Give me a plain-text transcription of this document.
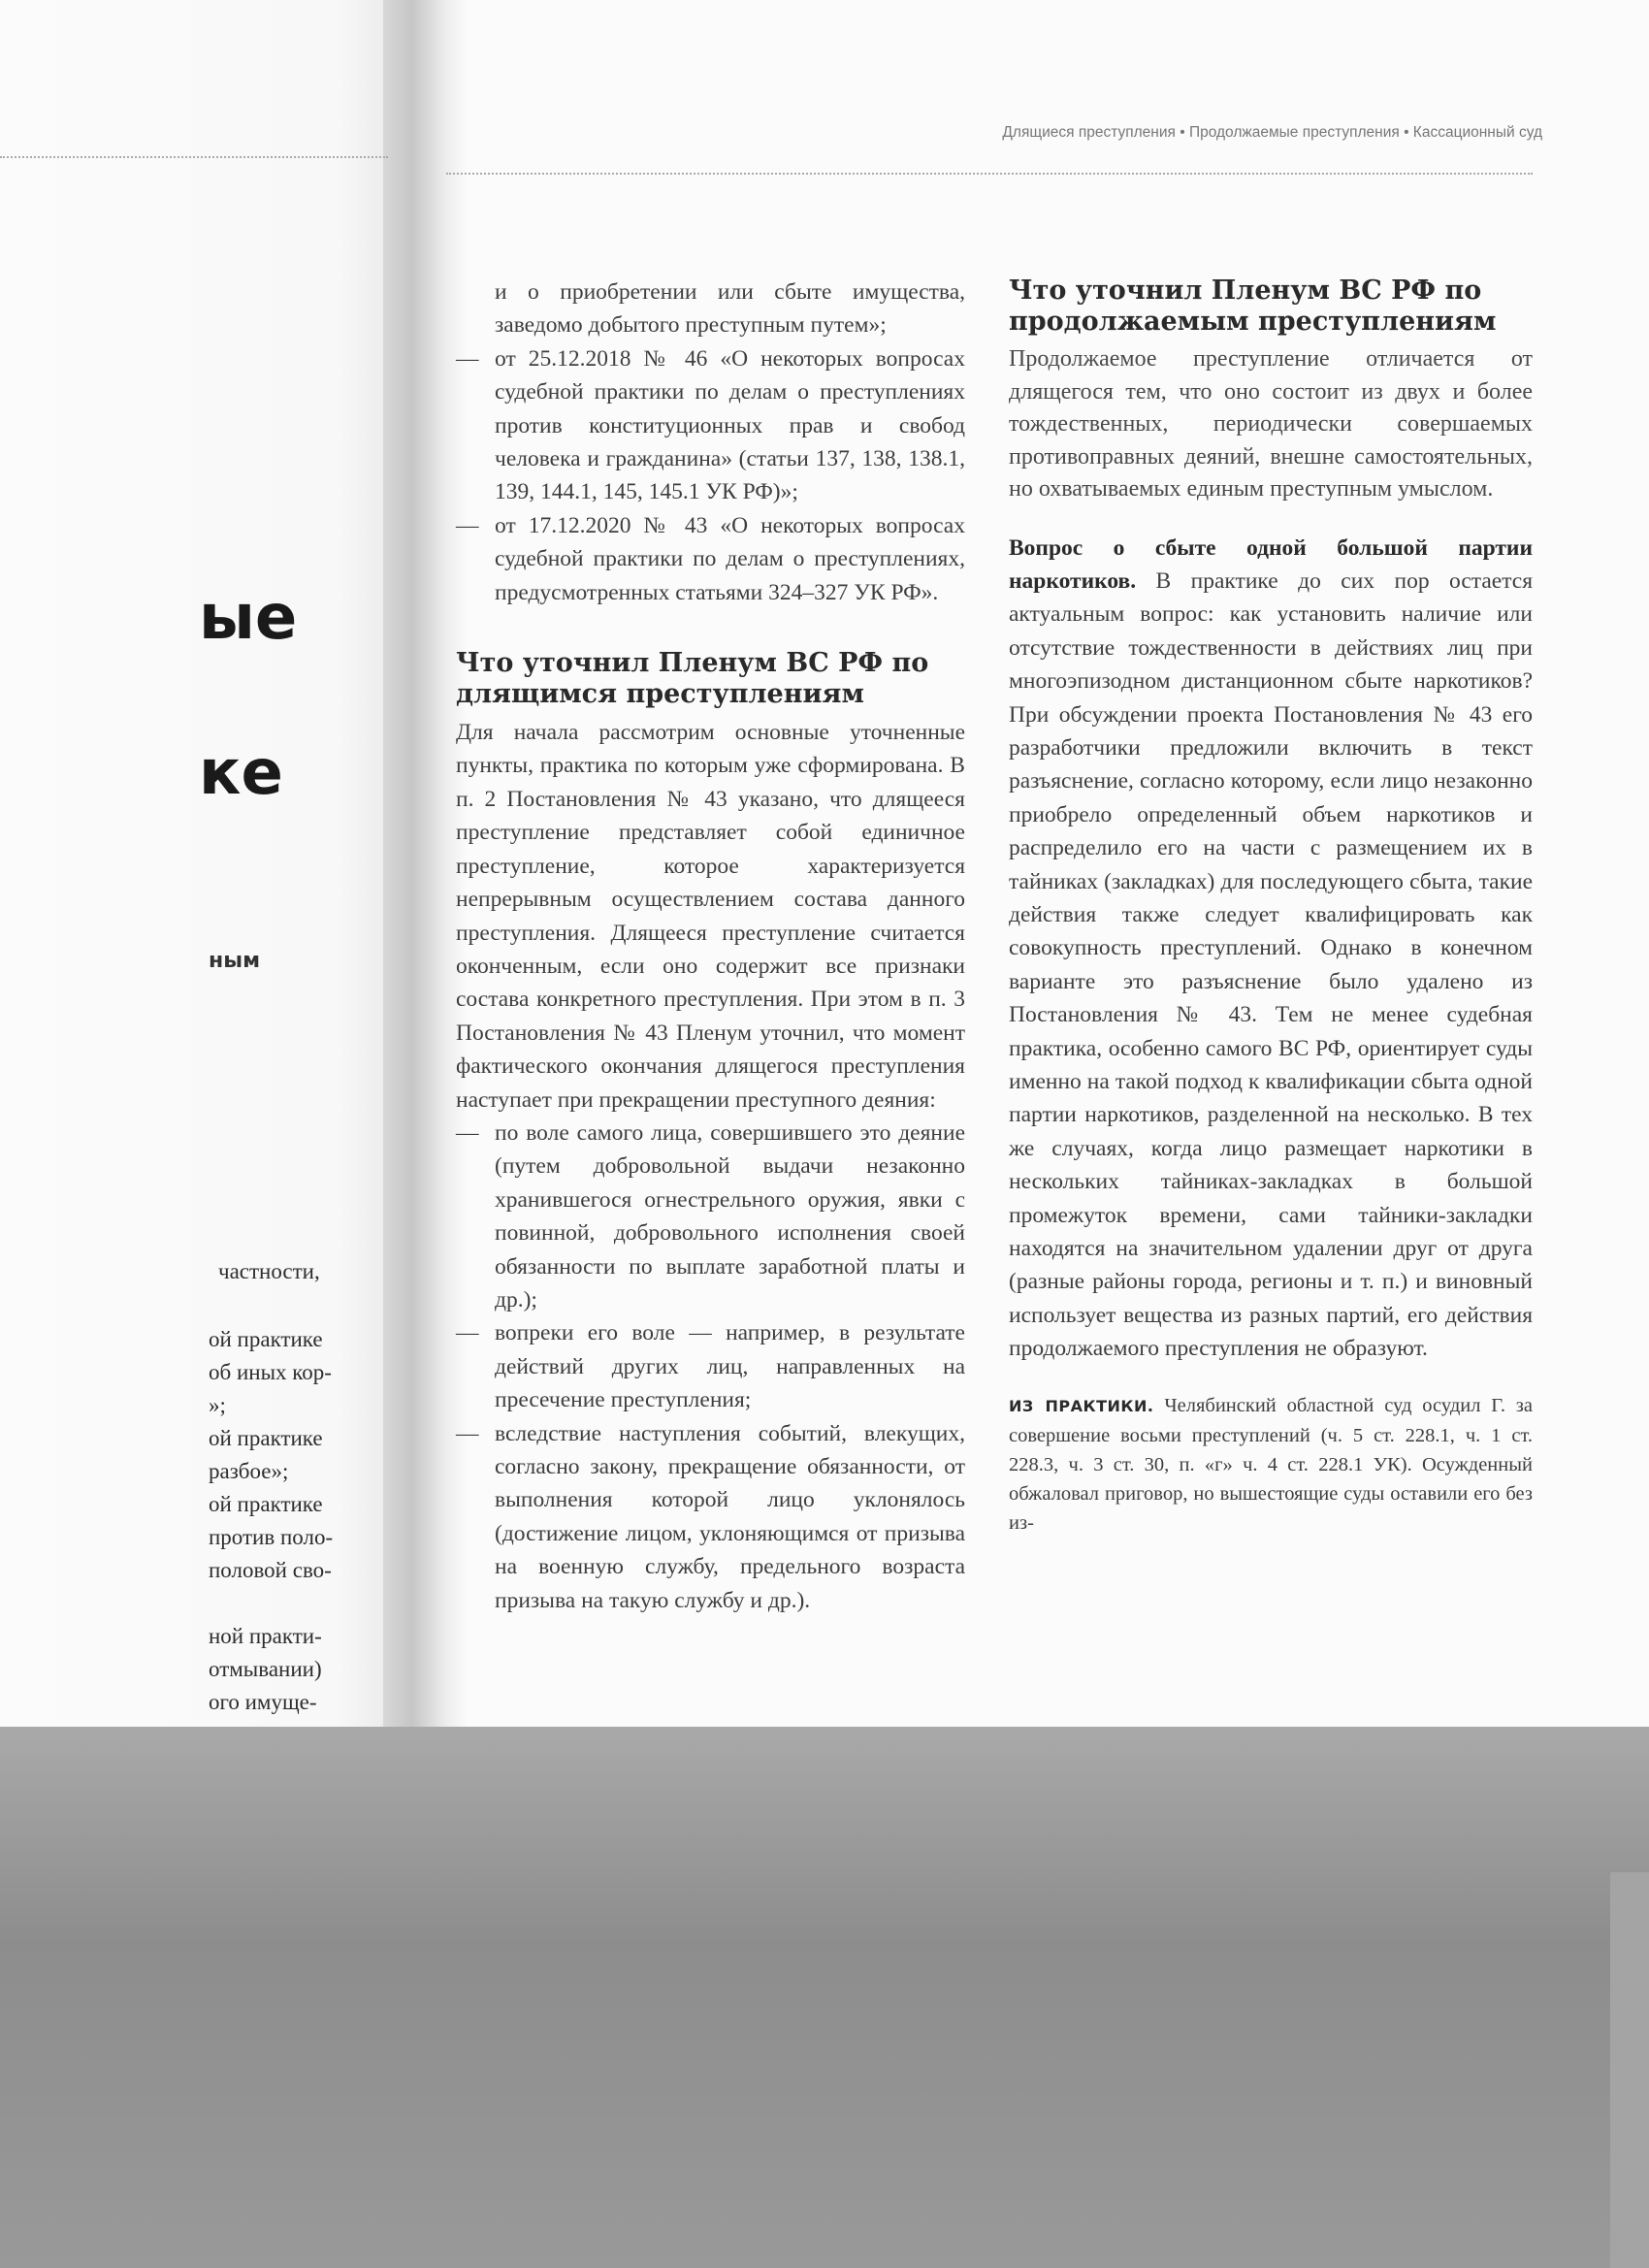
ые
ке
ным
частности,
ой практике
об иных кор-
»;
ой практике
разбое»;
ой практике
против поло-
половой сво-
ной практи-
отмывании)
ого имуще-
Длящиеся преступления • Продолжаемые преступления • Кассационный суд

и о приобретении или сбыте имущества, заведомо добытого преступным путем»;

— от 25.12.2018 № 46 «О некоторых вопросах судебной практики по делам о преступлениях против конституционных прав и свобод человека и гражданина» (статьи 137, 138, 138.1, 139, 144.1, 145, 145.1 УК РФ)»;
— от 17.12.2020 № 43 «О некоторых вопросах судебной практики по делам о преступлениях, предусмотренных статьями 324–327 УК РФ».
Что уточнил Пленум ВС РФ по длящимся преступлениям

Для начала рассмотрим основные уточненные пункты, практика по которым уже сформирована. В п. 2 Постановления № 43 указано, что длящееся преступление представляет собой единичное преступление, которое характеризуется непрерывным осуществлением состава данного преступления. Длящееся преступление считается оконченным, если оно содержит все признаки состава конкретного преступления. При этом в п. 3 Постановления № 43 Пленум уточнил, что момент фактического окончания длящегося преступления наступает при прекращении преступного деяния:

— по воле самого лица, совершившего это деяние (путем добровольной выдачи незаконно хранившегося огнестрельного оружия, явки с повинной, добровольного исполнения своей обязанности по выплате заработной платы и др.);
— вопреки его воле — например, в результате действий других лиц, направленных на пресечение преступления;
— вследствие наступления событий, влекущих, согласно закону, прекращение обязанности, от выполнения которой лицо уклонялось (достижение лицом, уклоняющимся от призыва на военную службу, предельного возраста призыва на такую службу и др.).
Что уточнил Пленум ВС РФ по продолжаемым преступлениям

Продолжаемое преступление отличается от длящегося тем, что оно состоит из двух и более тождественных, периодически совершаемых противоправных деяний, внешне самостоятельных, но охватываемых единым преступным умыслом.

Вопрос о сбыте одной большой партии наркотиков. В практике до сих пор остается актуальным вопрос: как установить наличие или отсутствие тождественности в действиях лиц при многоэпизодном дистанционном сбыте наркотиков? При обсуждении проекта Постановления № 43 его разработчики предложили включить в текст разъяснение, согласно которому, если лицо незаконно приобрело определенный объем наркотиков и распределило его на части с размещением их в тайниках (закладках) для последующего сбыта, такие действия также следует квалифицировать как совокупность преступлений. Однако в конечном варианте это разъяснение было удалено из Постановления № 43. Тем не менее судебная практика, особенно самого ВС РФ, ориентирует суды именно на такой подход к квалификации сбыта одной партии наркотиков, разделенной на несколько. В тех же случаях, когда лицо размещает наркотики в нескольких тайниках-закладках в большой промежуток времени, сами тайники-закладки находятся на значительном удалении друг от друга (разные районы города, регионы и т. п.) и виновный использует вещества из разных партий, его действия продолжаемого преступления не образуют.

ИЗ ПРАКТИКИ. Челябинский областной суд осудил Г. за совершение восьми преступлений (ч. 5 ст. 228.1, ч. 1 ст. 228.3, ч. 3 ст. 30, п. «г» ч. 4 ст. 228.1 УК). Осужденный обжаловал приговор, но вышестоящие суды оставили его без из-
